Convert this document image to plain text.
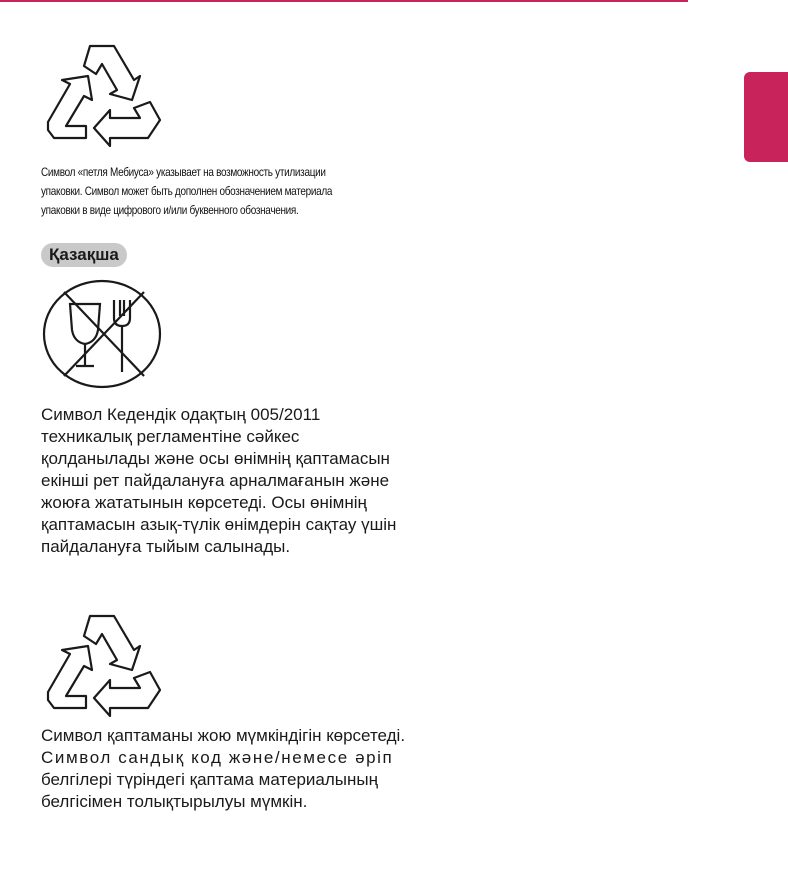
Символ «петля Мебиуса» указывает на возможность утилизации
упаковки. Символ может быть дополнен обозначением материала
упаковки в виде цифрового и/или буквенного обозначения.
Қазақша
Символ Кедендік одақтың 005/2011
техникалық регламентіне сәйкес
қолданылады және осы өнімнің қаптамасын
екінші рет пайдалануға арналмағанын және
жоюға жататынын көрсетеді. Осы өнімнің
қаптамасын азық-түлік өнімдерін сақтау үшін
пайдалануға тыйым салынады.
Символ қаптаманы жою мүмкіндігін көрсетеді.
Символ сандық код және/немесе әріп
белгілері түріндегі қаптама материалының
белгісімен толықтырылуы мүмкін.
